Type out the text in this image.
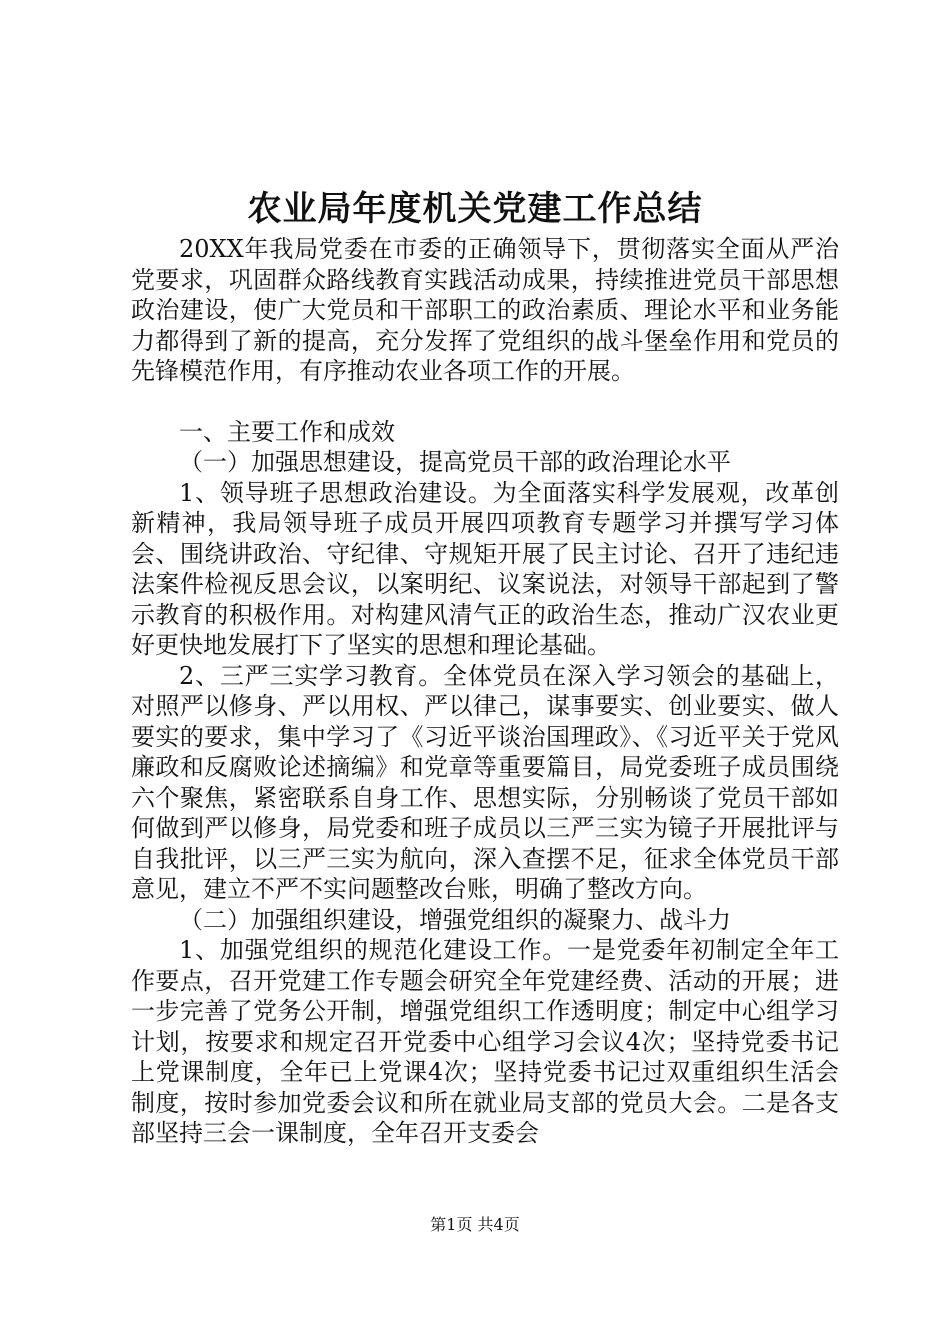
农业局年度机关党建工作总结

20XX年我局党委在市委的正确领导下，贯彻落实全面从严治党要求，巩固群众路线教育实践活动成果，持续推进党员干部思想政治建设，使广大党员和干部职工的政治素质、理论水平和业务能力都得到了新的提高，充分发挥了党组织的战斗堡垒作用和党员的先锋模范作用，有序推动农业各项工作的开展。

一、主要工作和成效

（一）加强思想建设，提高党员干部的政治理论水平

1、领导班子思想政治建设。为全面落实科学发展观，改革创新精神，我局领导班子成员开展四项教育专题学习并撰写学习体会、围绕讲政治、守纪律、守规矩开展了民主讨论、召开了违纪违法案件检视反思会议，以案明纪、议案说法，对领导干部起到了警示教育的积极作用。对构建风清气正的政治生态，推动广汉农业更好更快地发展打下了坚实的思想和理论基础。

2、三严三实学习教育。全体党员在深入学习领会的基础上，对照严以修身、严以用权、严以律己，谋事要实、创业要实、做人要实的要求，集中学习了《习近平谈治国理政》、《习近平关于党风廉政和反腐败论述摘编》和党章等重要篇目，局党委班子成员围绕六个聚焦，紧密联系自身工作、思想实际，分别畅谈了党员干部如何做到严以修身，局党委和班子成员以三严三实为镜子开展批评与自我批评，以三严三实为航向，深入查摆不足，征求全体党员干部意见，建立不严不实问题整改台账，明确了整改方向。

（二）加强组织建设，增强党组织的凝聚力、战斗力

1、加强党组织的规范化建设工作。一是党委年初制定全年工作要点，召开党建工作专题会研究全年党建经费、活动的开展；进一步完善了党务公开制，增强党组织工作透明度；制定中心组学习计划，按要求和规定召开党委中心组学习会议4次；坚持党委书记上党课制度，全年已上党课4次；坚持党委书记过双重组织生活会制度，按时参加党委会议和所在就业局支部的党员大会。二是各支部坚持三会一课制度，全年召开支委会

第1页 共4页
